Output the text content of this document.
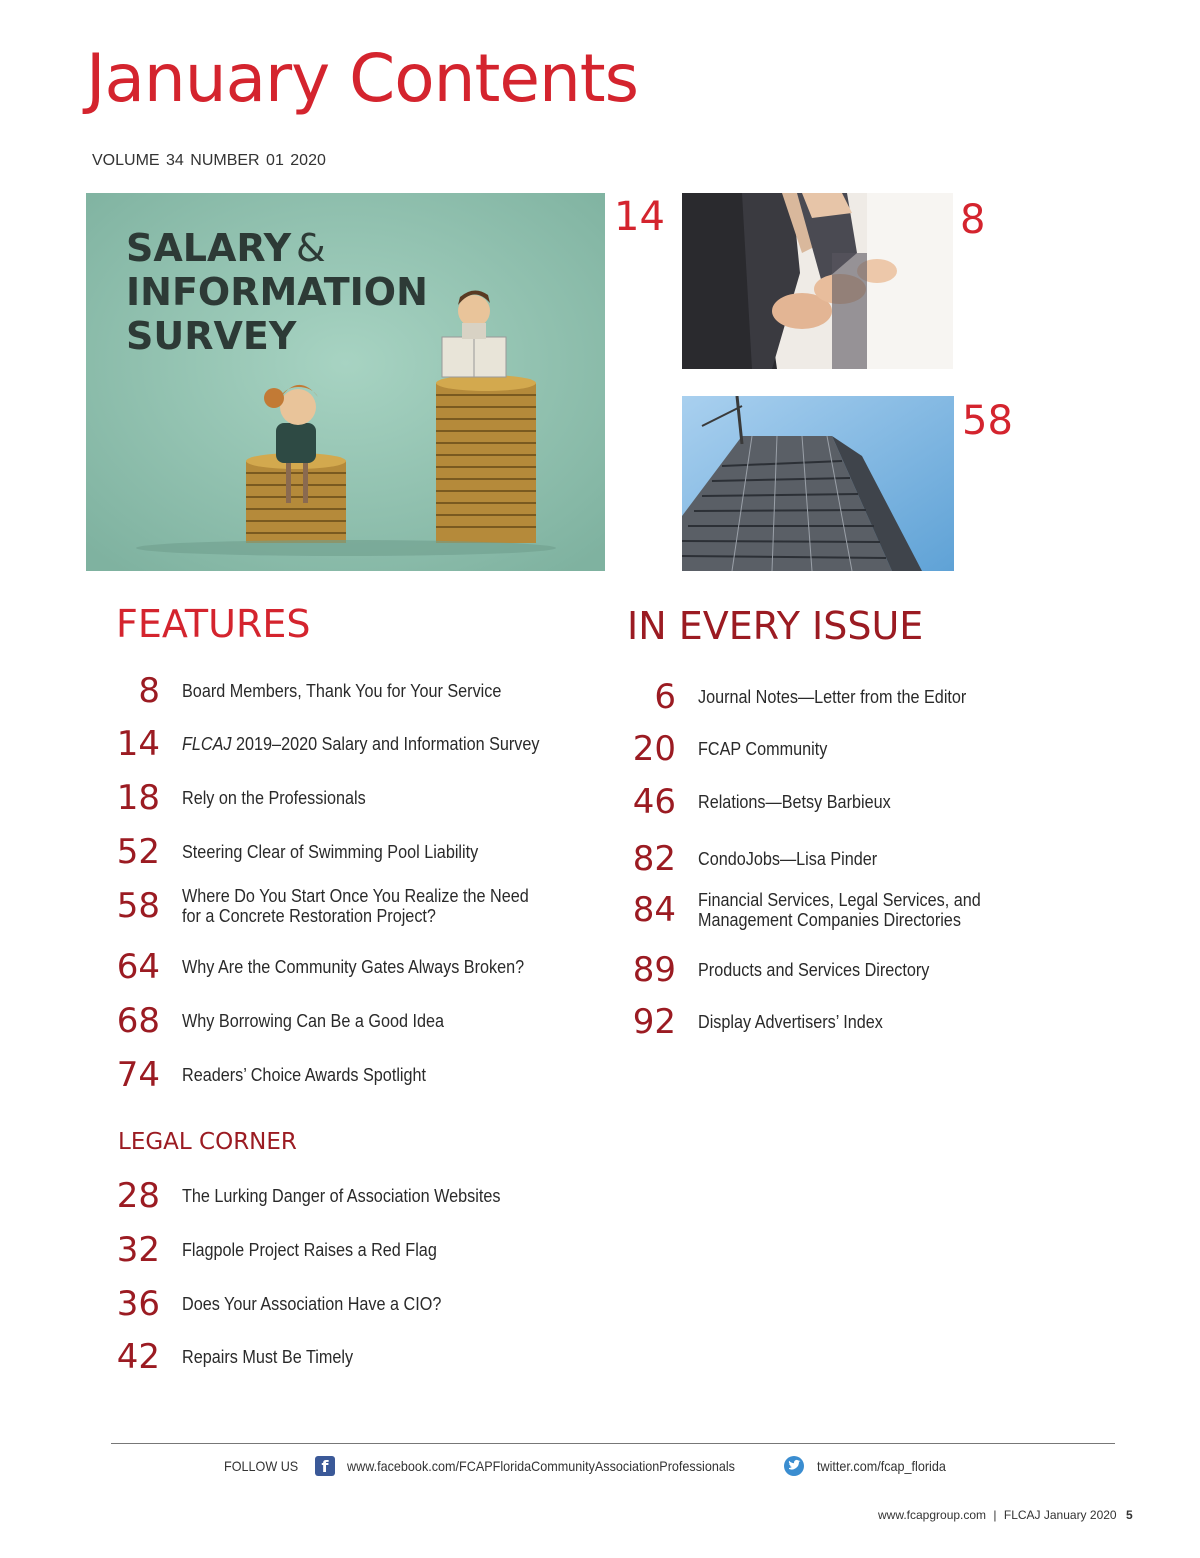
January Contents
VOLUME 34 NUMBER 01 2020
SALARY &
INFORMATION
SURVEY
14	8
58
FEATURES
8 Board Members, Thank You for Your Service
14 FLCAJ 2019–2020 Salary and Information Survey
18 Rely on the Professionals
52 Steering Clear of Swimming Pool Liability
58 Where Do You Start Once You Realize the Need
for a Concrete Restoration Project?
64 Why Are the Community Gates Always Broken?
68 Why Borrowing Can Be a Good Idea
74 Readers’ Choice Awards Spotlight
LEGAL CORNER
28 The Lurking Danger of Association Websites
32 Flagpole Project Raises a Red Flag
36 Does Your Association Have a CIO?
42 Repairs Must Be Timely
IN EVERY ISSUE
6 Journal Notes—Letter from the Editor
20 FCAP Community
46 Relations—Betsy Barbieux
82 CondoJobs—Lisa Pinder
84 Financial Services, Legal Services, and
Management Companies Directories
89 Products and Services Directory
92 Display Advertisers’ Index
FOLLOW US	f	www.facebook.com/FCAPFloridaCommunityAssociationProfessionals	twitter.com/fcap_florida
www.fcapgroup.com | FLCAJ January 2020 5
